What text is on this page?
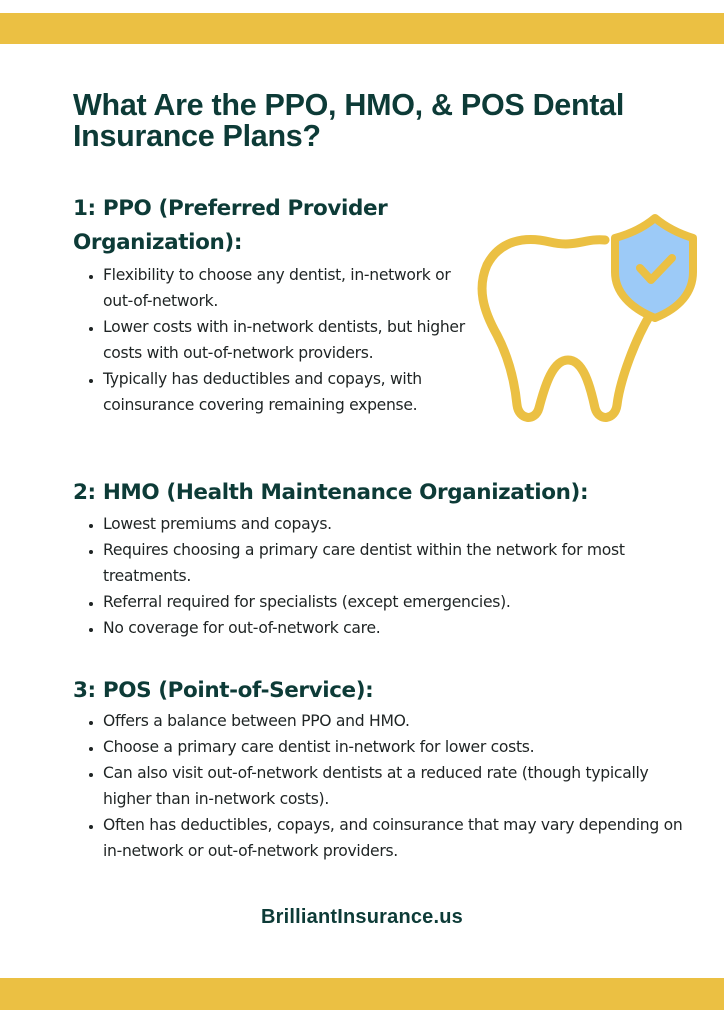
What Are the PPO, HMO, & POS Dental Insurance Plans?
1: PPO (Preferred Provider
Organization):
• Flexibility to choose any dentist, in-network or out-of-network.
• Lower costs with in-network dentists, but higher costs with out-of-network providers.
• Typically has deductibles and copays, with coinsurance covering remaining expense.
2: HMO (Health Maintenance Organization):
• Lowest premiums and copays.
• Requires choosing a primary care dentist within the network for most treatments.
• Referral required for specialists (except emergencies).
• No coverage for out-of-network care.
3: POS (Point-of-Service):
• Offers a balance between PPO and HMO.
• Choose a primary care dentist in-network for lower costs.
• Can also visit out-of-network dentists at a reduced rate (though typically higher than in-network costs).
• Often has deductibles, copays, and coinsurance that may vary depending on in-network or out-of-network providers.
BrilliantInsurance.us
